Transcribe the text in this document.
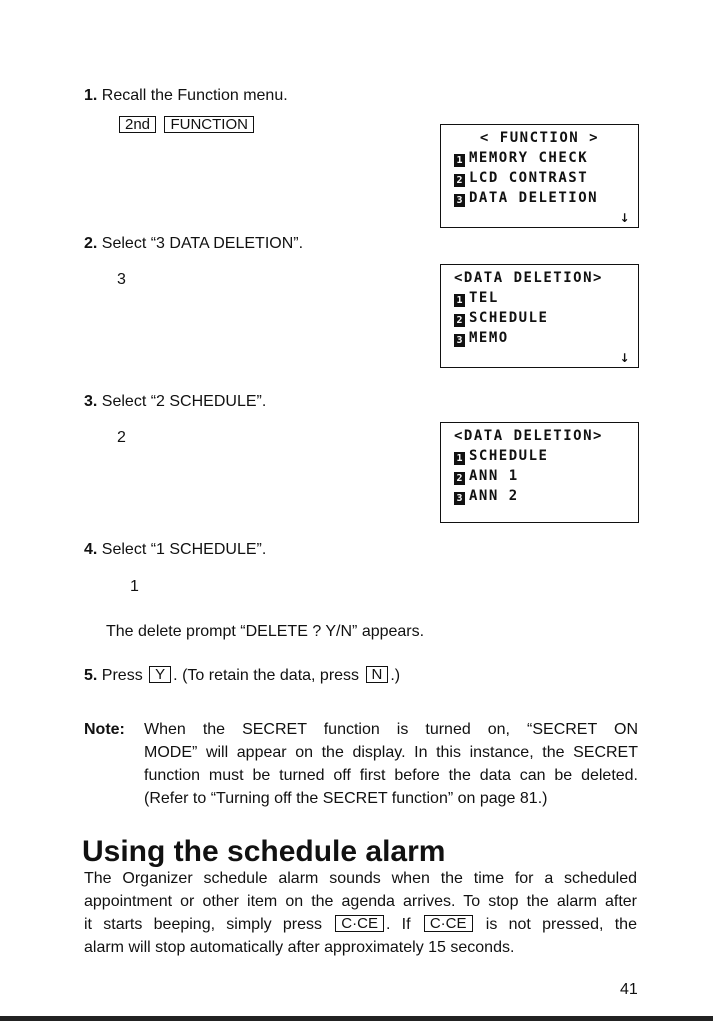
1. Recall the Function menu.
2nd FUNCTION
< FUNCTION >
1 MEMORY CHECK
2 LCD CONTRAST
3 DATA DELETION
↓
2. Select “3 DATA DELETION”.
3	<DATA DELETION>
1 TEL
2 SCHEDULE
3 MEMO
↓
3. Select “2 SCHEDULE”.
2	<DATA DELETION>
1 SCHEDULE
2 ANN 1
3 ANN 2
4. Select “1 SCHEDULE”.
1
The delete prompt “DELETE ? Y/N” appears.
5. Press Y . (To retain the data, press N .)
Note: When the SECRET function is turned on, “SECRET ON
MODE” will appear on the display. In this instance, the SECRET
function must be turned off first before the data can be deleted.
(Refer to “Turning off the SECRET function” on page 81.)
Using the schedule alarm
The Organizer schedule alarm sounds when the time for a scheduled
appointment or other item on the agenda arrives. To stop the alarm after
it starts beeping, simply press C·CE . If C·CE is not pressed, the
alarm will stop automatically after approximately 15 seconds.
41
